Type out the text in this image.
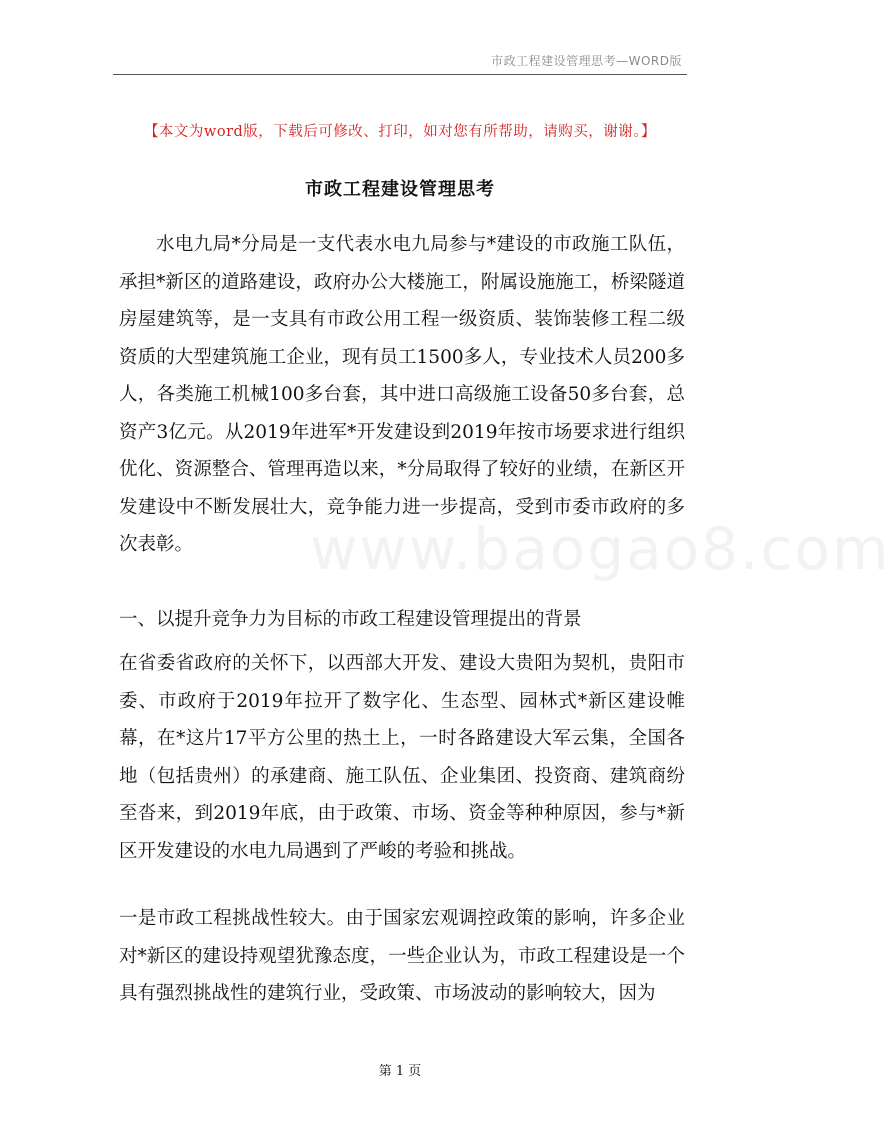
市政工程建设管理思考—WORD版
【本文为word版，下载后可修改、打印，如对您有所帮助，请购买，谢谢。】
市政工程建设管理思考
水电九局*分局是一支代表水电九局参与*建设的市政施工队伍，承担*新区的道路建设，政府办公大楼施工，附属设施施工，桥梁隧道房屋建筑等，是一支具有市政公用工程一级资质、装饰装修工程二级资质的大型建筑施工企业，现有员工1500多人，专业技术人员200多人，各类施工机械100多台套，其中进口高级施工设备50多台套，总资产3亿元。从2019年进军*开发建设到2019年按市场要求进行组织优化、资源整合、管理再造以来，*分局取得了较好的业绩，在新区开发建设中不断发展壮大，竞争能力进一步提高，受到市委市政府的多次表彰。
一、以提升竞争力为目标的市政工程建设管理提出的背景
在省委省政府的关怀下，以西部大开发、建设大贵阳为契机，贵阳市委、市政府于2019年拉开了数字化、生态型、园林式*新区建设帷幕，在*这片17平方公里的热土上，一时各路建设大军云集，全国各地（包括贵州）的承建商、施工队伍、企业集团、投资商、建筑商纷至沓来，到2019年底，由于政策、市场、资金等种种原因，参与*新区开发建设的水电九局遇到了严峻的考验和挑战。
一是市政工程挑战性较大。由于国家宏观调控政策的影响，许多企业对*新区的建设持观望犹豫态度，一些企业认为，市政工程建设是一个具有强烈挑战性的建筑行业，受政策、市场波动的影响较大，因为
www.baogao8.com
第 1 页
